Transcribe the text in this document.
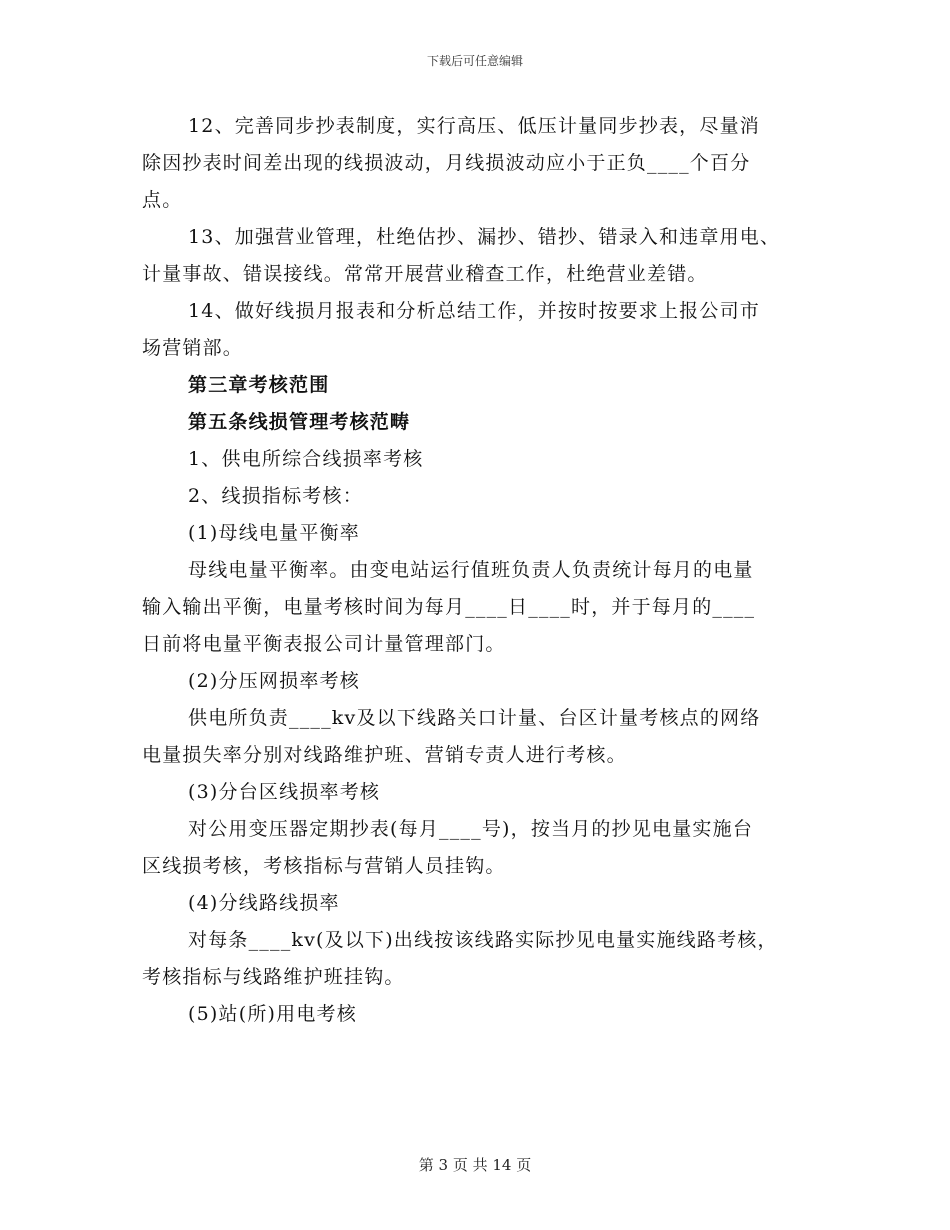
下载后可任意编辑
12、完善同步抄表制度，实行高压、低压计量同步抄表，尽量消
除因抄表时间差出现的线损波动，月线损波动应小于正负____个百分
点。
13、加强营业管理，杜绝估抄、漏抄、错抄、错录入和违章用电、
计量事故、错误接线。常常开展营业稽查工作，杜绝营业差错。
14、做好线损月报表和分析总结工作，并按时按要求上报公司市
场营销部。
第三章考核范围
第五条线损管理考核范畴
1、供电所综合线损率考核
2、线损指标考核：
(1)母线电量平衡率
母线电量平衡率。由变电站运行值班负责人负责统计每月的电量
输入输出平衡，电量考核时间为每月____日____时，并于每月的____
日前将电量平衡表报公司计量管理部门。
(2)分压网损率考核
供电所负责____kv及以下线路关口计量、台区计量考核点的网络
电量损失率分别对线路维护班、营销专责人进行考核。
(3)分台区线损率考核
对公用变压器定期抄表(每月____号)，按当月的抄见电量实施台
区线损考核，考核指标与营销人员挂钩。
(4)分线路线损率
对每条____kv(及以下)出线按该线路实际抄见电量实施线路考核，
考核指标与线路维护班挂钩。
(5)站(所)用电考核
第 3 页 共 14 页
